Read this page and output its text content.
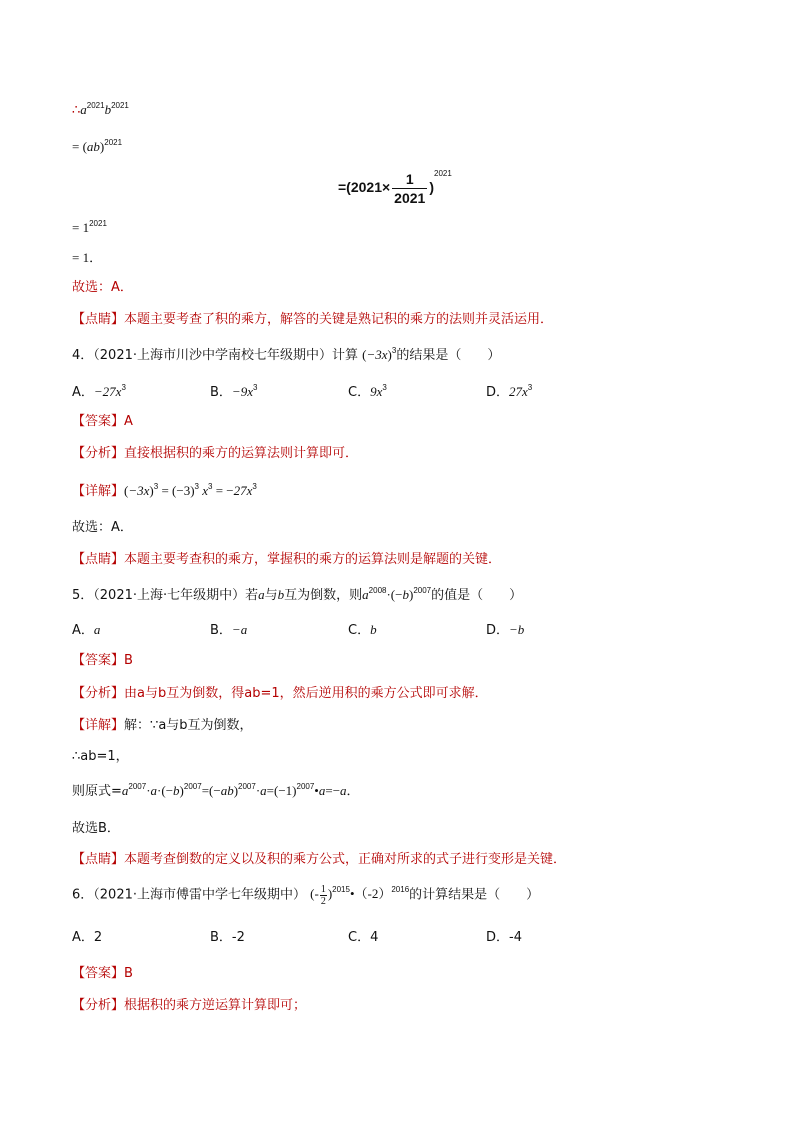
$\therefore a^{2021}b^{2021}$
= (ab)$^{2021}$
$=(2021\times \frac{1}{2021} )^{2021}$
= $1^{2021}$
= 1．
故选：A．
【点睛】本题主要考查了积的乘方，解答的关键是熟记积的乘方的法则并灵活运用．
4．（2021·上海市川沙中学南校七年级期中）计算 $(-3x)^3$的结果是（　　）
A．$-27x^3$	B．$-9x^3$	C．$9x^3$	D．$27x^3$
【答案】A
【分析】直接根据积的乘方的运算法则计算即可．
【详解】$(-3x)^3 = (-3)^3$ $x^3 = -27x^3$
故选：A．
【点睛】本题主要考查积的乘方，掌握积的乘方的运算法则是解题的关键．
5．（2021·上海·七年级期中）若a与b互为倒数，则$a^{2008}\cdot(-b)^{2007}$的值是（　　）
A．a	B．−a	C．b	D．−b
【答案】B
【分析】由a与b互为倒数，得ab=1，然后逆用积的乘方公式即可求解．
【详解】解：∵a与b互为倒数，
∴ab=1，
则原式$=a^{2007}\cdot a\cdot(-b)^{2007}=(-ab)^{2007}\cdot a=(-1)^{2007}•a=-a$．
故选B．
【点睛】本题考查倒数的定义以及积的乘方公式，正确对所求的式子进行变形是关键．
6．（2021·上海市傅雷中学七年级期中） (- $\frac{1}{2}$ )$^{2015}•(-2)^{2016}$的计算结果是（　　）
A．2	B．-2	C．4	D．-4
【答案】B
【分析】根据积的乘方逆运算计算即可；
